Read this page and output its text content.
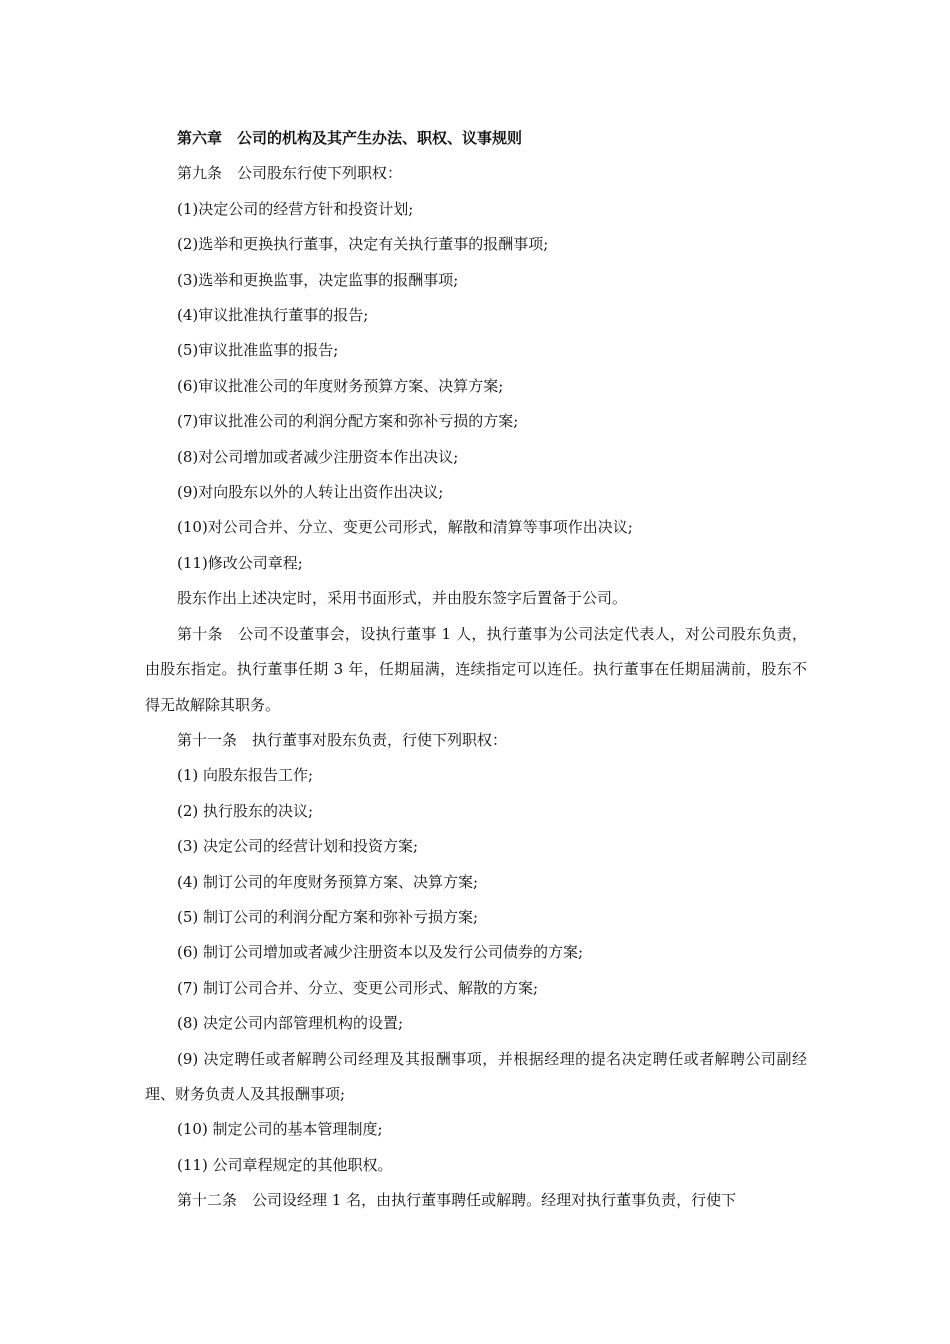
第六章　公司的机构及其产生办法、职权、议事规则

第九条　公司股东行使下列职权：

(1)决定公司的经营方针和投资计划;

(2)选举和更换执行董事，决定有关执行董事的报酬事项;

(3)选举和更换监事，决定监事的报酬事项;

(4)审议批准执行董事的报告;

(5)审议批准监事的报告;

(6)审议批准公司的年度财务预算方案、决算方案;

(7)审议批准公司的利润分配方案和弥补亏损的方案;

(8)对公司增加或者减少注册资本作出决议;

(9)对向股东以外的人转让出资作出决议;

(10)对公司合并、分立、变更公司形式，解散和清算等事项作出决议;

(11)修改公司章程;

股东作出上述决定时，采用书面形式，并由股东签字后置备于公司。

第十条　公司不设董事会，设执行董事 1 人，执行董事为公司法定代表人，对公司股东负责，由股东指定。执行董事任期 3 年，任期届满，连续指定可以连任。执行董事在任期届满前，股东不得无故解除其职务。

第十一条　执行董事对股东负责，行使下列职权：

(1) 向股东报告工作;

(2) 执行股东的决议;

(3) 决定公司的经营计划和投资方案;

(4) 制订公司的年度财务预算方案、决算方案;

(5) 制订公司的利润分配方案和弥补亏损方案;

(6) 制订公司增加或者减少注册资本以及发行公司债券的方案;

(7) 制订公司合并、分立、变更公司形式、解散的方案;

(8) 决定公司内部管理机构的设置;

(9) 决定聘任或者解聘公司经理及其报酬事项，并根据经理的提名决定聘任或者解聘公司副经理、财务负责人及其报酬事项;

(10) 制定公司的基本管理制度;

(11) 公司章程规定的其他职权。

第十二条　公司设经理 1 名，由执行董事聘任或解聘。经理对执行董事负责，行使下
